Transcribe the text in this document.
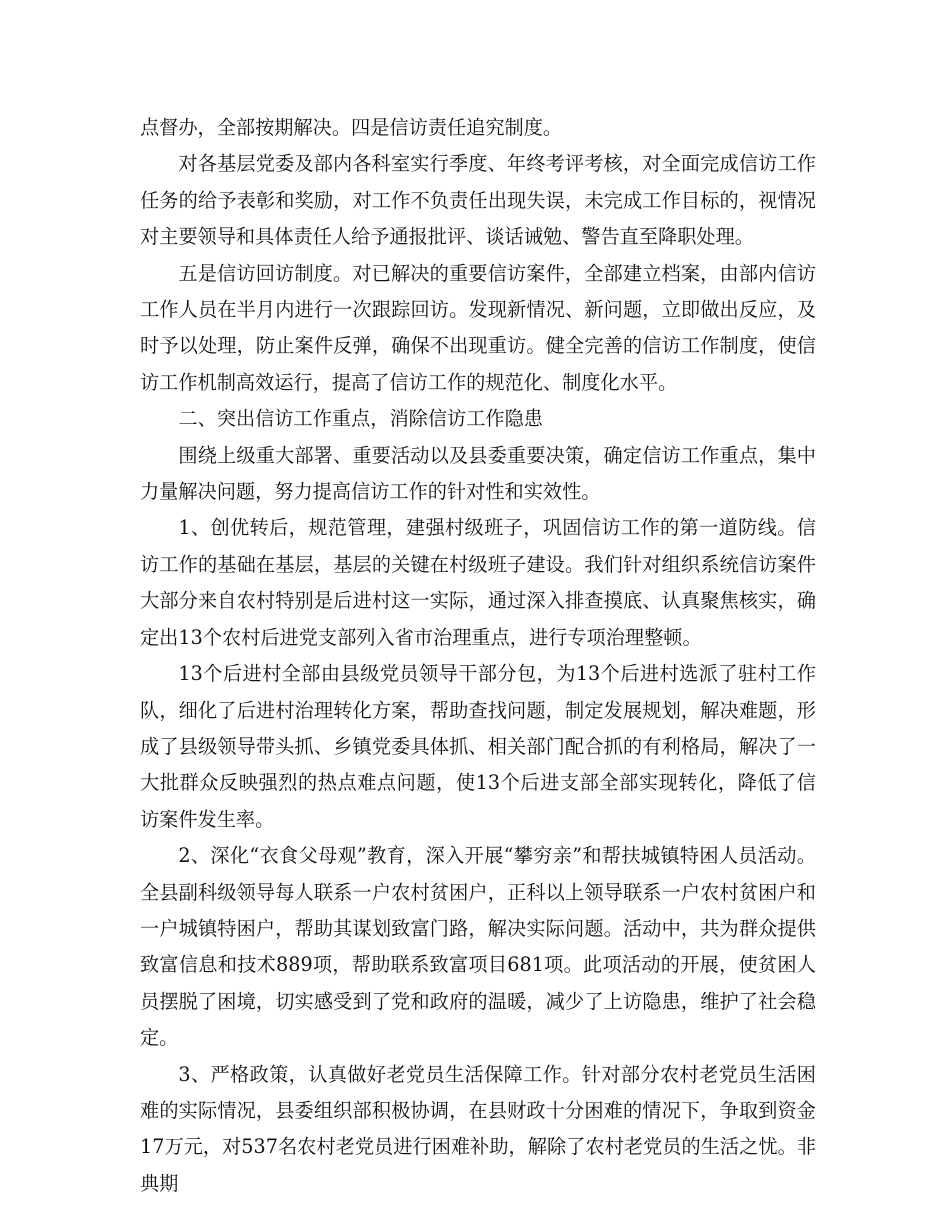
点督办，全部按期解决。四是信访责任追究制度。

对各基层党委及部内各科室实行季度、年终考评考核，对全面完成信访工作任务的给予表彰和奖励，对工作不负责任出现失误，未完成工作目标的，视情况对主要领导和具体责任人给予通报批评、谈话诫勉、警告直至降职处理。

五是信访回访制度。对已解决的重要信访案件，全部建立档案，由部内信访工作人员在半月内进行一次跟踪回访。发现新情况、新问题，立即做出反应，及时予以处理，防止案件反弹，确保不出现重访。健全完善的信访工作制度，使信访工作机制高效运行，提高了信访工作的规范化、制度化水平。

二、突出信访工作重点，消除信访工作隐患

围绕上级重大部署、重要活动以及县委重要决策，确定信访工作重点，集中力量解决问题，努力提高信访工作的针对性和实效性。

1、创优转后，规范管理，建强村级班子，巩固信访工作的第一道防线。信访工作的基础在基层，基层的关键在村级班子建设。我们针对组织系统信访案件大部分来自农村特别是后进村这一实际，通过深入排查摸底、认真聚焦核实，确定出13个农村后进党支部列入省市治理重点，进行专项治理整顿。

13个后进村全部由县级党员领导干部分包，为13个后进村选派了驻村工作队，细化了后进村治理转化方案，帮助查找问题，制定发展规划，解决难题，形成了县级领导带头抓、乡镇党委具体抓、相关部门配合抓的有利格局，解决了一大批群众反映强烈的热点难点问题，使13个后进支部全部实现转化，降低了信访案件发生率。

2、深化“衣食父母观”教育，深入开展“攀穷亲”和帮扶城镇特困人员活动。全县副科级领导每人联系一户农村贫困户，正科以上领导联系一户农村贫困户和一户城镇特困户，帮助其谋划致富门路，解决实际问题。活动中，共为群众提供致富信息和技术889项，帮助联系致富项目681项。此项活动的开展，使贫困人员摆脱了困境，切实感受到了党和政府的温暖，减少了上访隐患，维护了社会稳定。

3、严格政策，认真做好老党员生活保障工作。针对部分农村老党员生活困难的实际情况，县委组织部积极协调，在县财政十分困难的情况下，争取到资金17万元，对537名农村老党员进行困难补助，解除了农村老党员的生活之忧。非典期
